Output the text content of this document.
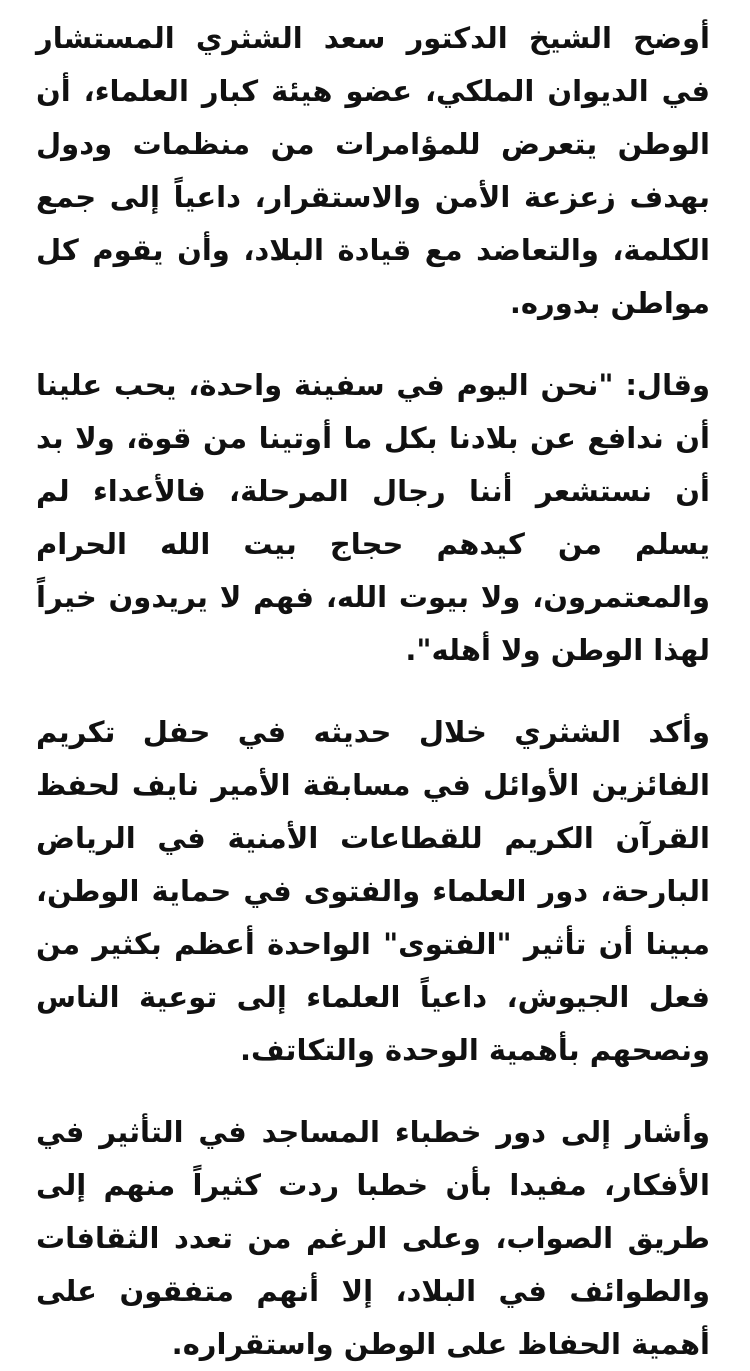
أوضح الشيخ الدكتور سعد الشثري المستشار في الديوان الملكي، عضو هيئة كبار العلماء، أن الوطن يتعرض للمؤامرات من منظمات ودول بهدف زعزعة الأمن والاستقرار، داعياً إلى جمع الكلمة، والتعاضد مع قيادة البلاد، وأن يقوم كل مواطن بدوره.

وقال: "نحن اليوم في سفينة واحدة، يحب علينا أن ندافع عن بلادنا بكل ما أوتينا من قوة، ولا بد أن نستشعر أننا رجال المرحلة، فالأعداء لم يسلم من كيدهم حجاج بيت الله الحرام والمعتمرون، ولا بيوت الله، فهم لا يريدون خيراً لهذا الوطن ولا أهله".

وأكد الشثري خلال حديثه في حفل تكريم الفائزين الأوائل في مسابقة الأمير نايف لحفظ القرآن الكريم للقطاعات الأمنية في الرياض البارحة، دور العلماء والفتوى في حماية الوطن، مبينا أن تأثير "الفتوى" الواحدة أعظم بكثير من فعل الجيوش، داعياً العلماء إلى توعية الناس ونصحهم بأهمية الوحدة والتكاتف.

وأشار إلى دور خطباء المساجد في التأثير في الأفكار، مفيدا بأن خطبا ردت كثيراً منهم إلى طريق الصواب، وعلى الرغم من تعدد الثقافات والطوائف في البلاد، إلا أنهم متفقون على أهمية الحفاظ على الوطن واستقراره.
